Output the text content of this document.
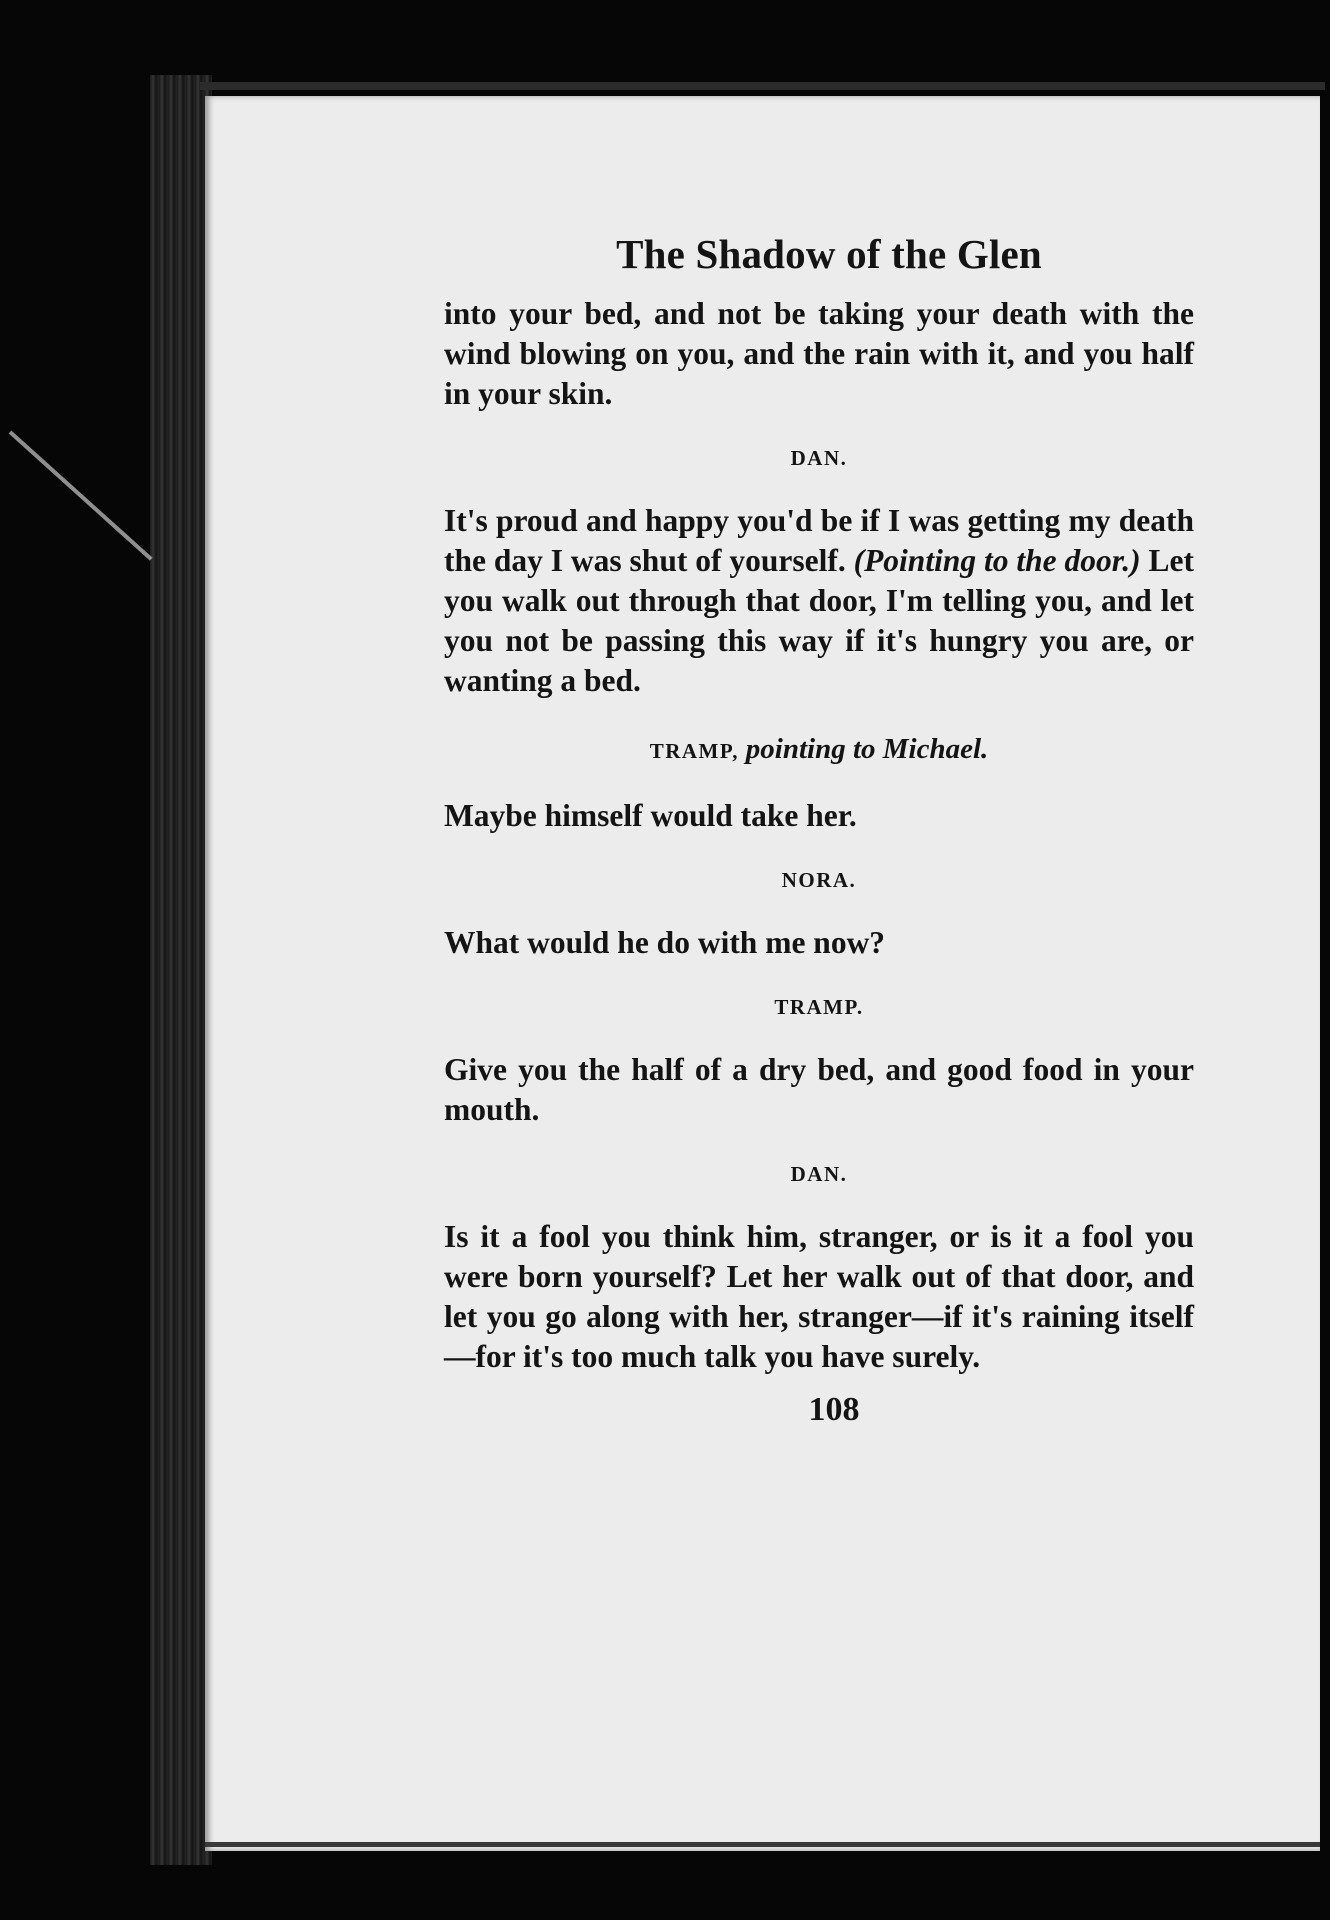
The Shadow of the Glen

into your bed, and not be taking your death with the wind blowing on you, and the rain with it, and you half in your skin.

DAN.

It's proud and happy you'd be if I was getting my death the day I was shut of yourself. (Pointing to the door.) Let you walk out through that door, I'm telling you, and let you not be passing this way if it's hungry you are, or wanting a bed.

TRAMP, pointing to Michael.

Maybe himself would take her.

NORA.

What would he do with me now?

TRAMP.

Give you the half of a dry bed, and good food in your mouth.

DAN.

Is it a fool you think him, stranger, or is it a fool you were born yourself? Let her walk out of that door, and let you go along with her, stranger—if it's raining itself—for it's too much talk you have surely.

108
